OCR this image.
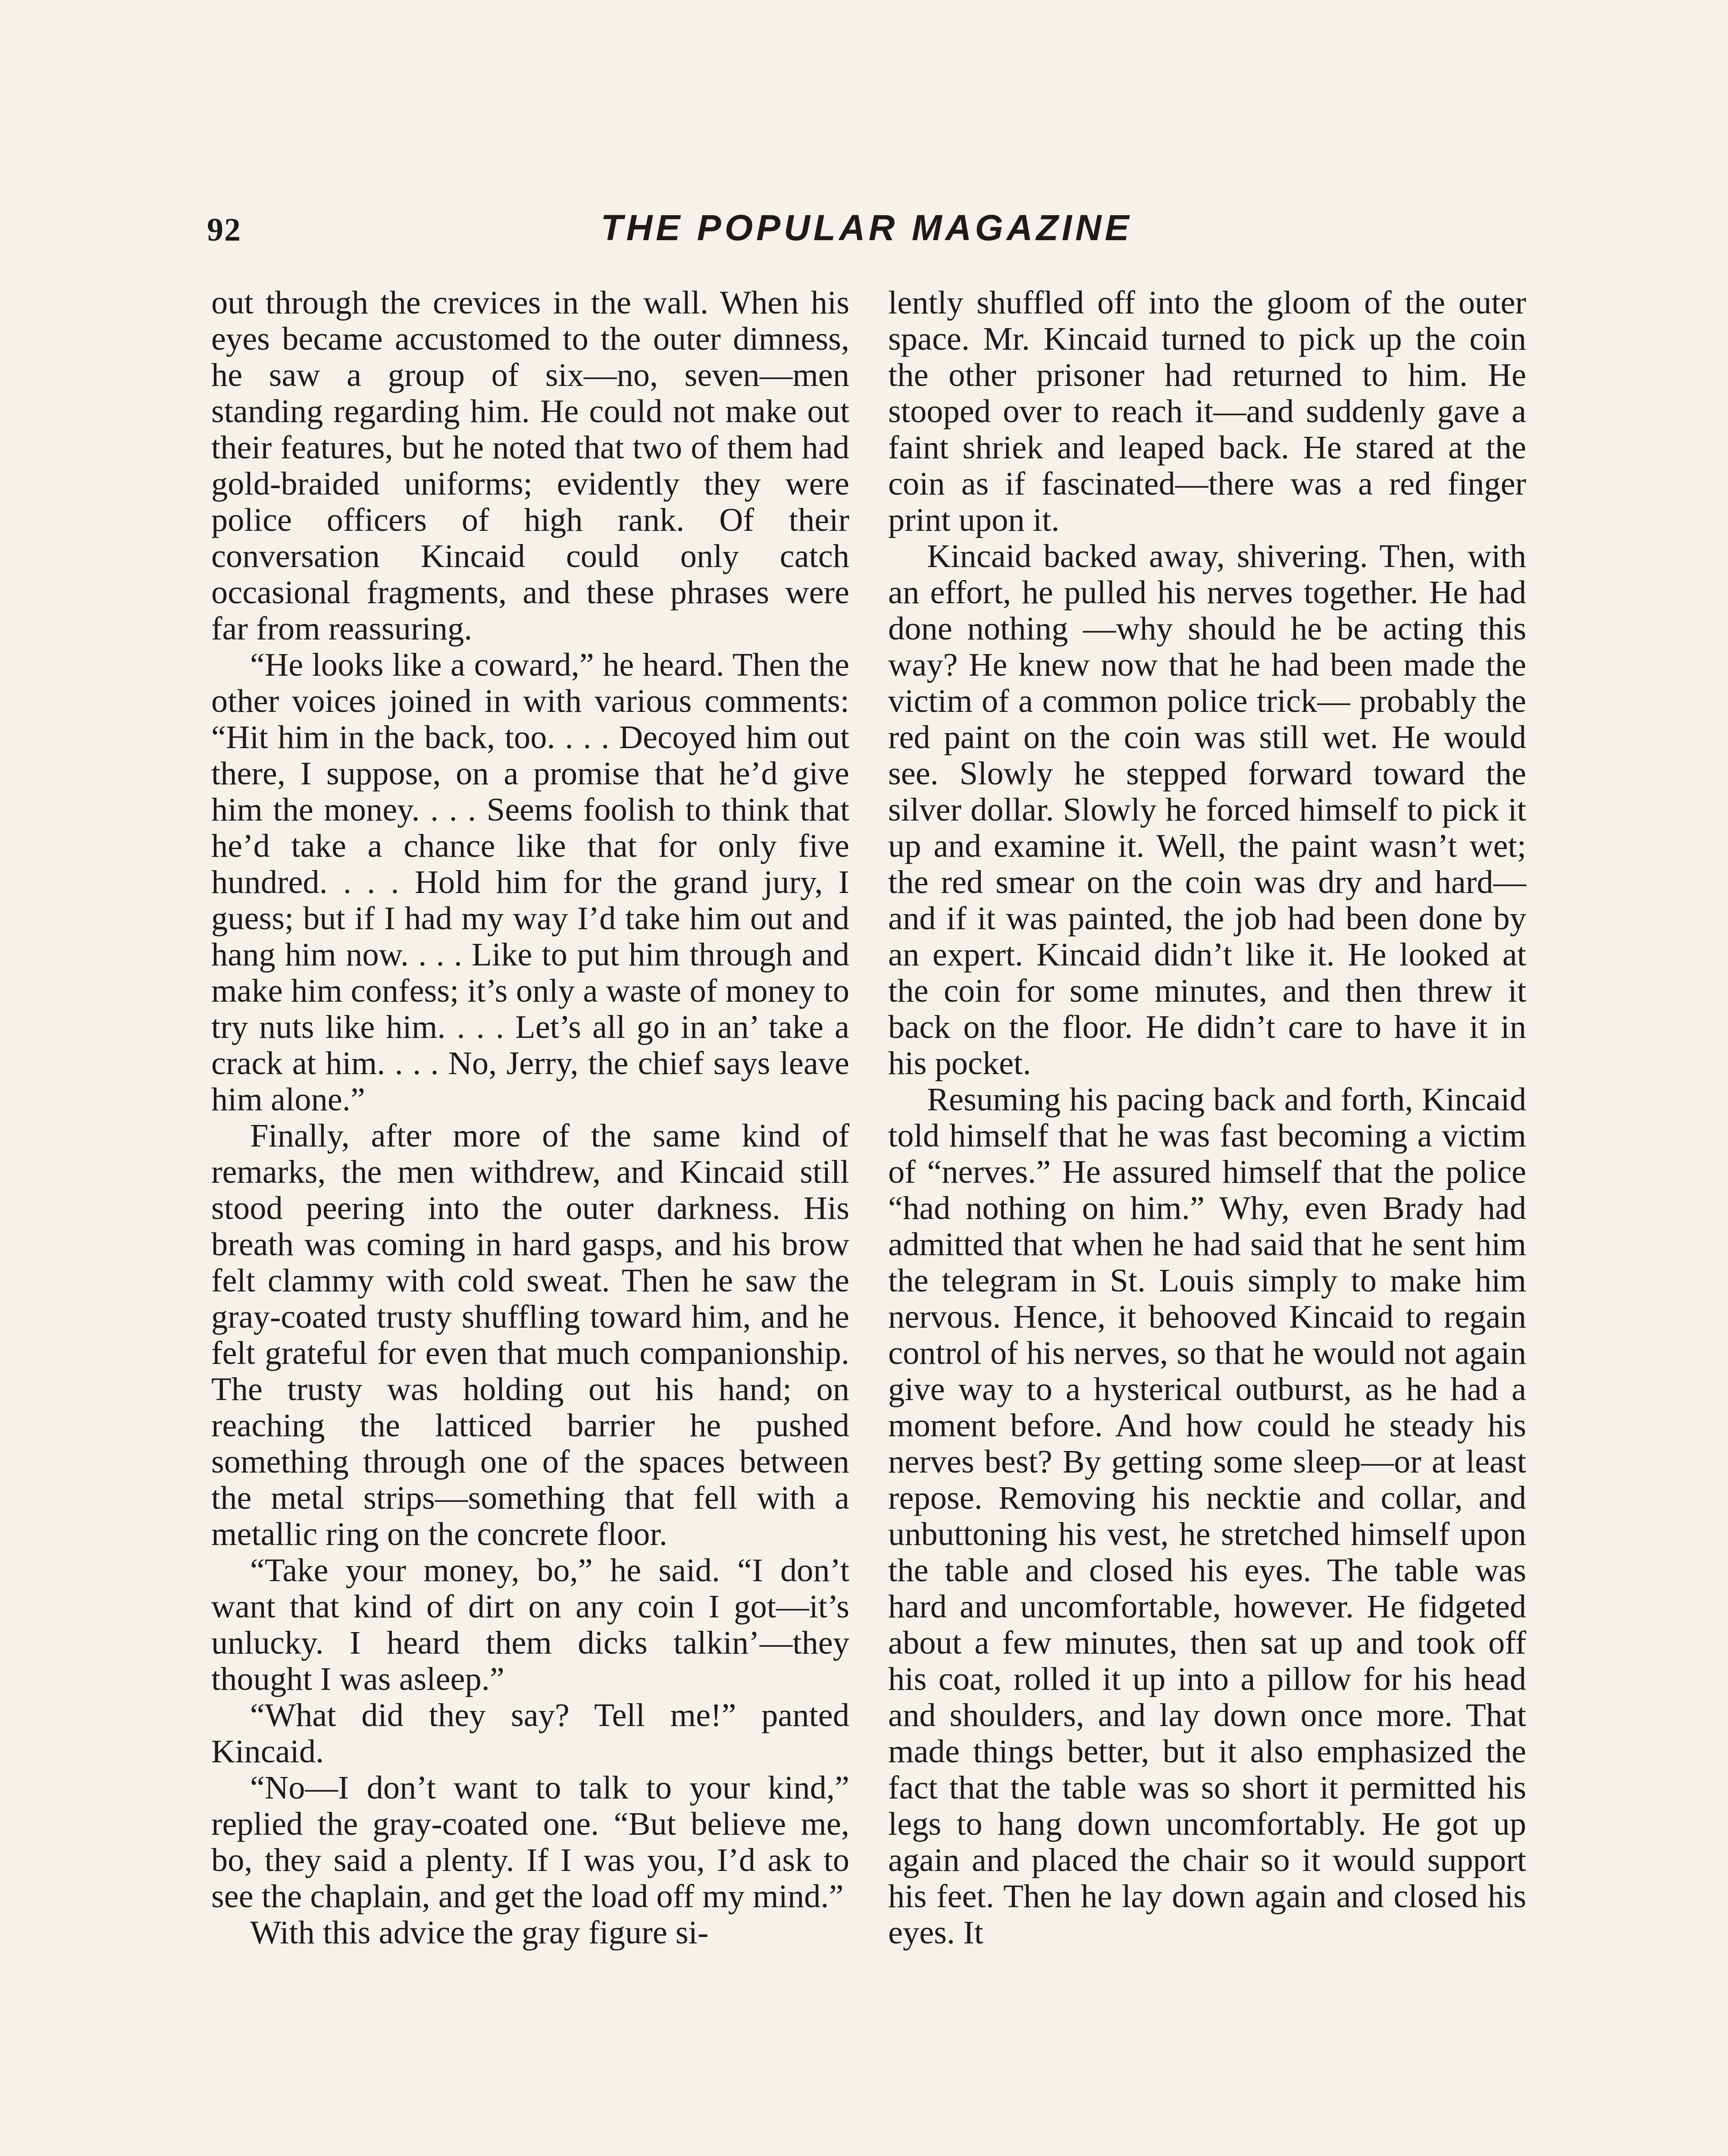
92	THE POPULAR MAGAZINE

out through the crevices in the wall. When his eyes became accustomed to the outer dimness, he saw a group of six—no, seven—men standing regarding him. He could not make out their features, but he noted that two of them had gold-braided uniforms; evidently they were police officers of high rank. Of their conversation Kincaid could only catch occasional fragments, and these phrases were far from reassuring.

“He looks like a coward,” he heard. Then the other voices joined in with various comments: “Hit him in the back, too. . . . Decoyed him out there, I suppose, on a promise that he’d give him the money. . . . Seems foolish to think that he’d take a chance like that for only five hundred. . . . Hold him for the grand jury, I guess; but if I had my way I’d take him out and hang him now. . . . Like to put him through and make him confess; it’s only a waste of money to try nuts like him. . . . Let’s all go in an’ take a crack at him. . . . No, Jerry, the chief says leave him alone.”

Finally, after more of the same kind of remarks, the men withdrew, and Kincaid still stood peering into the outer darkness. His breath was coming in hard gasps, and his brow felt clammy with cold sweat. Then he saw the gray-coated trusty shuffling toward him, and he felt grateful for even that much companionship. The trusty was holding out his hand; on reaching the latticed barrier he pushed something through one of the spaces between the metal strips—something that fell with a metallic ring on the concrete floor.

“Take your money, bo,” he said. “I don’t want that kind of dirt on any coin I got—it’s unlucky. I heard them dicks talkin’—they thought I was asleep.”

“What did they say? Tell me!” panted Kincaid.

“No—I don’t want to talk to your kind,” replied the gray-coated one. “But believe me, bo, they said a plenty. If I was you, I’d ask to see the chaplain, and get the load off my mind.”

With this advice the gray figure si-

lently shuffled off into the gloom of the outer space. Mr. Kincaid turned to pick up the coin the other prisoner had returned to him. He stooped over to reach it—and suddenly gave a faint shriek and leaped back. He stared at the coin as if fascinated—there was a red finger print upon it.

Kincaid backed away, shivering. Then, with an effort, he pulled his nerves together. He had done nothing —why should he be acting this way? He knew now that he had been made the victim of a common police trick— probably the red paint on the coin was still wet. He would see. Slowly he stepped forward toward the silver dollar. Slowly he forced himself to pick it up and examine it. Well, the paint wasn’t wet; the red smear on the coin was dry and hard—and if it was painted, the job had been done by an expert. Kincaid didn’t like it. He looked at the coin for some minutes, and then threw it back on the floor. He didn’t care to have it in his pocket.

Resuming his pacing back and forth, Kincaid told himself that he was fast becoming a victim of “nerves.” He assured himself that the police “had nothing on him.” Why, even Brady had admitted that when he had said that he sent him the telegram in St. Louis simply to make him nervous. Hence, it behooved Kincaid to regain control of his nerves, so that he would not again give way to a hysterical outburst, as he had a moment before. And how could he steady his nerves best? By getting some sleep—or at least repose. Removing his necktie and collar, and unbuttoning his vest, he stretched himself upon the table and closed his eyes. The table was hard and uncomfortable, however. He fidgeted about a few minutes, then sat up and took off his coat, rolled it up into a pillow for his head and shoulders, and lay down once more. That made things better, but it also emphasized the fact that the table was so short it permitted his legs to hang down uncomfortably. He got up again and placed the chair so it would support his feet. Then he lay down again and closed his eyes. It
